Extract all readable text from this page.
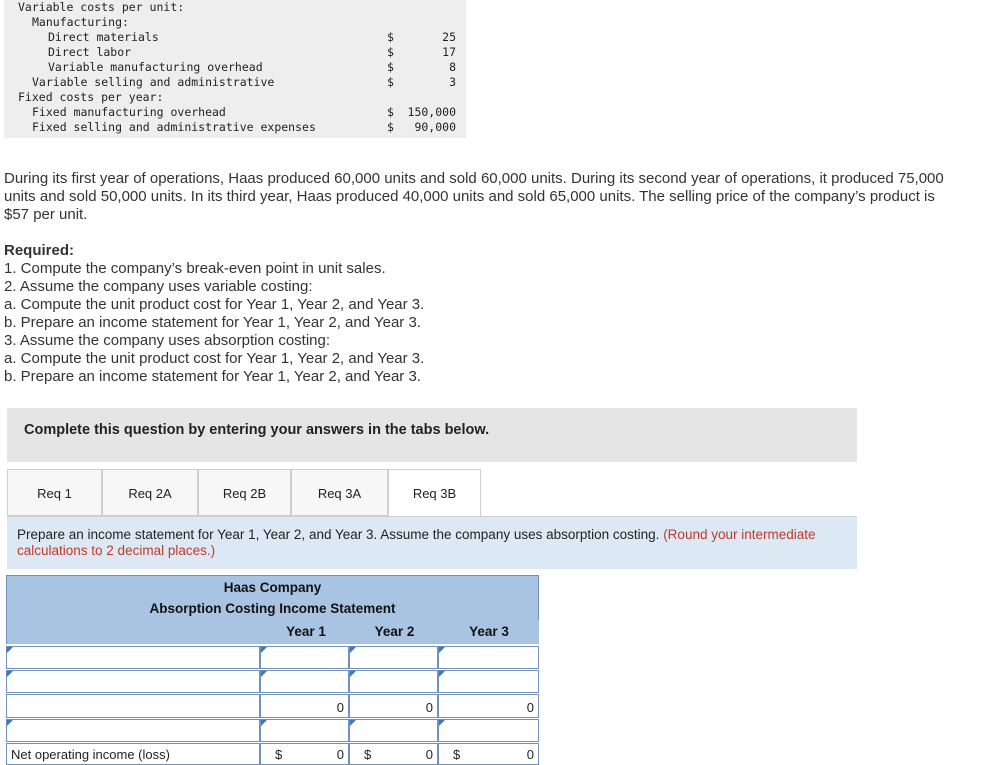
Variable costs per unit:
Manufacturing:
Direct materials	$	25
Direct labor	$	17
Variable manufacturing overhead	$	8
Variable selling and administrative	$	3
Fixed costs per year:
Fixed manufacturing overhead	$	150,000
Fixed selling and administrative expenses	$	90,000
During its first year of operations, Haas produced 60,000 units and sold 60,000 units. During its second year of operations, it produced 75,000 units and sold 50,000 units. In its third year, Haas produced 40,000 units and sold 65,000 units. The selling price of the company’s product is $57 per unit.
Required:
1. Compute the company’s break-even point in unit sales.
2. Assume the company uses variable costing:
a. Compute the unit product cost for Year 1, Year 2, and Year 3.
b. Prepare an income statement for Year 1, Year 2, and Year 3.
3. Assume the company uses absorption costing:
a. Compute the unit product cost for Year 1, Year 2, and Year 3.
b. Prepare an income statement for Year 1, Year 2, and Year 3.
Complete this question by entering your answers in the tabs below.
Req 1	Req 2A	Req 2B	Req 3A	Req 3B
Prepare an income statement for Year 1, Year 2, and Year 3. Assume the company uses absorption costing. (Round your intermediate calculations to 2 decimal places.)
Haas Company
Absorption Costing Income Statement
Year 1	Year 2	Year 3
0	0	0
Net operating income (loss)	$	0 $	0 $	0
